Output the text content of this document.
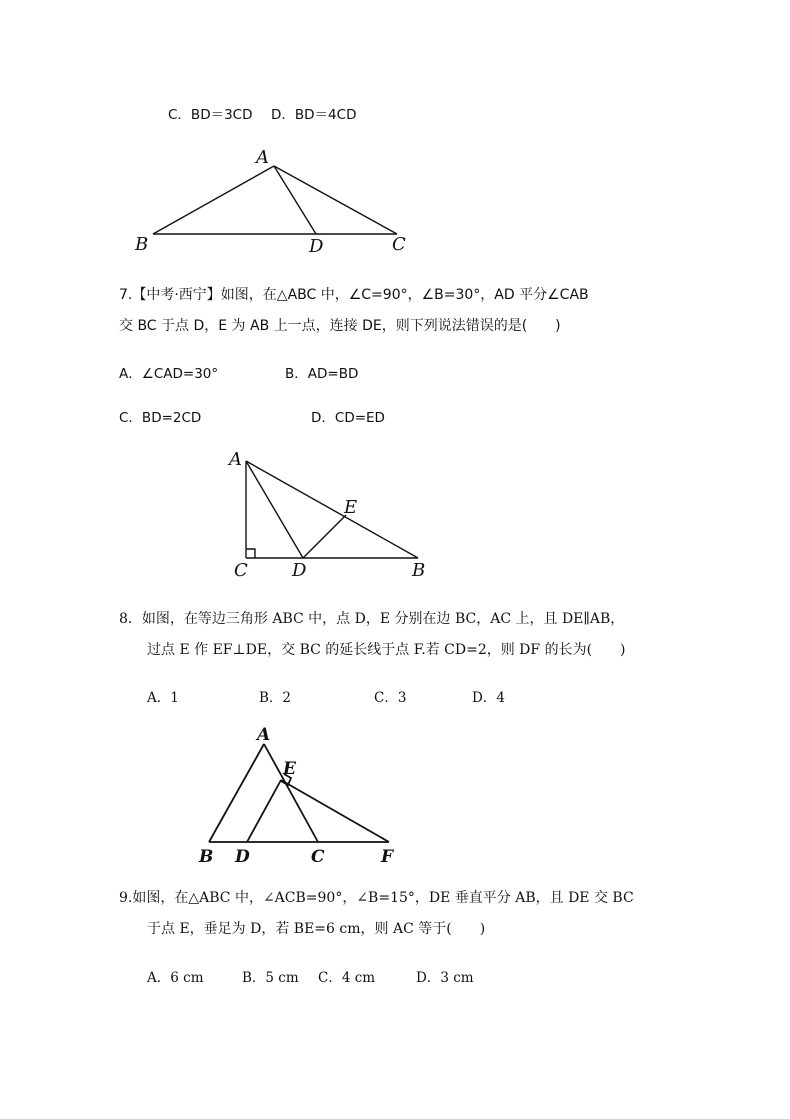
C．BD＝3CD D．BD＝4CD
A
B	D	C
A
E
C D	B
A
E
B D	C	F
7.【中考·西宁】如图，在△ABC 中，∠C=90°，∠B=30°，AD 平分∠CAB
交 BC 于点 D，E 为 AB 上一点，连接 DE，则下列说法错误的是(　　)
A．∠CAD=30°	B．AD=BD
C．BD=2CD	D．CD=ED
8．如图，在等边三角形 ABC 中，点 D，E 分别在边 BC，AC 上，且 DE∥AB，
过点 E 作 EF⊥DE，交 BC 的延长线于点 F.若 CD=2，则 DF 的长为(　　)
A．1	B．2	C．3	D．4
9.如图，在△ABC 中，∠ACB=90°，∠B=15°，DE 垂直平分 AB，且 DE 交 BC
于点 E，垂足为 D，若 BE=6 cm，则 AC 等于(　　)
A．6 cm	B．5 cm C．4 cm	D．3 cm
